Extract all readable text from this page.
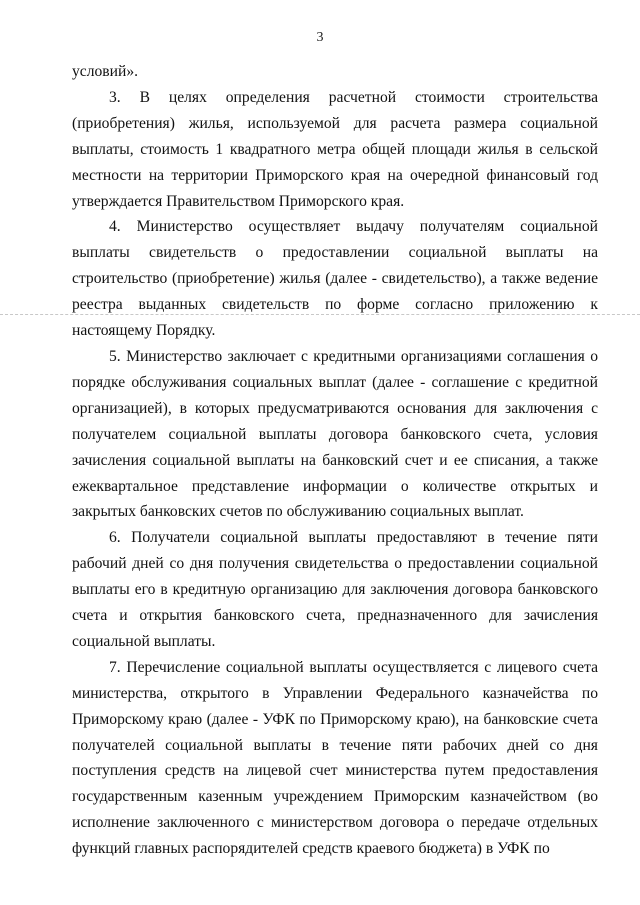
3

условий».

3. В целях определения расчетной стоимости строительства (приобретения) жилья, используемой для расчета размера социальной выплаты, стоимость 1 квадратного метра общей площади жилья в сельской местности на территории Приморского края на очередной финансовый год утверждается Правительством Приморского края.

4. Министерство осуществляет выдачу получателям социальной выплаты свидетельств о предоставлении социальной выплаты на строительство (приобретение) жилья (далее - свидетельство), а также ведение реестра выданных свидетельств по форме согласно приложению к настоящему Порядку.

5. Министерство заключает с кредитными организациями соглашения о порядке обслуживания социальных выплат (далее - соглашение с кредитной организацией), в которых предусматриваются основания для заключения с получателем социальной выплаты договора банковского счета, условия зачисления социальной выплаты на банковский счет и ее списания, а также ежеквартальное представление информации о количестве открытых и закрытых банковских счетов по обслуживанию социальных выплат.

6. Получатели социальной выплаты предоставляют в течение пяти рабочий дней со дня получения свидетельства о предоставлении социальной выплаты его в кредитную организацию для заключения договора банковского счета и открытия банковского счета, предназначенного для зачисления социальной выплаты.

7. Перечисление социальной выплаты осуществляется с лицевого счета министерства, открытого в Управлении Федерального казначейства по Приморскому краю (далее - УФК по Приморскому краю), на банковские счета получателей социальной выплаты в течение пяти рабочих дней со дня поступления средств на лицевой счет министерства путем предоставления государственным казенным учреждением Приморским казначейством (во исполнение заключенного с министерством договора о передаче отдельных функций главных распорядителей средств краевого бюджета) в УФК по
